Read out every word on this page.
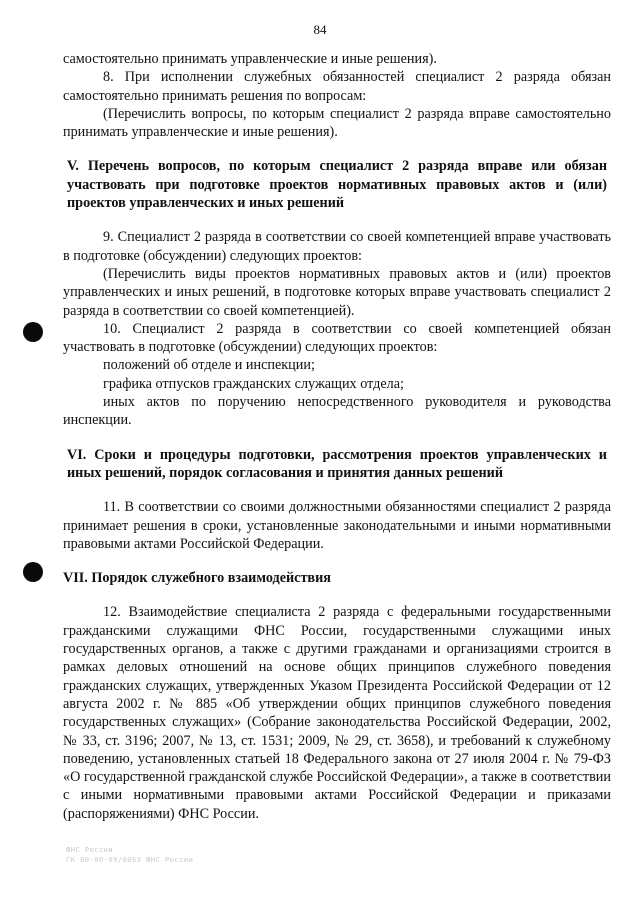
84

самостоятельно принимать управленческие и иные решения).

8. При исполнении служебных обязанностей специалист 2 разряда обязан самостоятельно принимать решения по вопросам:

(Перечислить вопросы, по которым специалист 2 разряда вправе самостоятельно принимать управленческие и иные решения).

V. Перечень вопросов, по которым специалист 2 разряда вправе или обязан участвовать при подготовке проектов нормативных правовых актов и (или) проектов управленческих и иных решений

9. Специалист 2 разряда в соответствии со своей компетенцией вправе участвовать в подготовке (обсуждении) следующих проектов:

(Перечислить виды проектов нормативных правовых актов и (или) проектов управленческих и иных решений, в подготовке которых вправе участвовать специалист 2 разряда в соответствии со своей компетенцией).

10. Специалист 2 разряда в соответствии со своей компетенцией обязан участвовать в подготовке (обсуждении) следующих проектов:

положений об отделе и инспекции;

графика отпусков гражданских служащих отдела;

иных актов по поручению непосредственного руководителя и руководства инспекции.

VI. Сроки и процедуры подготовки, рассмотрения проектов управленческих и иных решений, порядок согласования и принятия данных решений

11. В соответствии со своими должностными обязанностями специалист 2 разряда принимает решения в сроки, установленные законодательными и иными нормативными правовыми актами Российской Федерации.

VII. Порядок служебного взаимодействия

12. Взаимодействие специалиста 2 разряда с федеральными государственными гражданскими служащими ФНС России, государственными служащими иных государственных органов, а также с другими гражданами и организациями строится в рамках деловых отношений на основе общих принципов служебного поведения гражданских служащих, утвержденных Указом Президента Российской Федерации от 12 августа 2002 г. № 885 «Об утверждении общих принципов служебного поведения государственных служащих» (Собрание законодательства Российской Федерации, 2002, № 33, ст. 3196; 2007, № 13, ст. 1531; 2009, № 29, ст. 3658), и требований к служебному поведению, установленных статьей 18 Федерального закона от 27 июля 2004 г. № 79-ФЗ «О государственной гражданской службе Российской Федерации», а также в соответствии с иными нормативными правовыми актами Российской Федерации и приказами (распоряжениями) ФНС России.

ФНС России
ГК 00-00-09/0063 ФНС России
